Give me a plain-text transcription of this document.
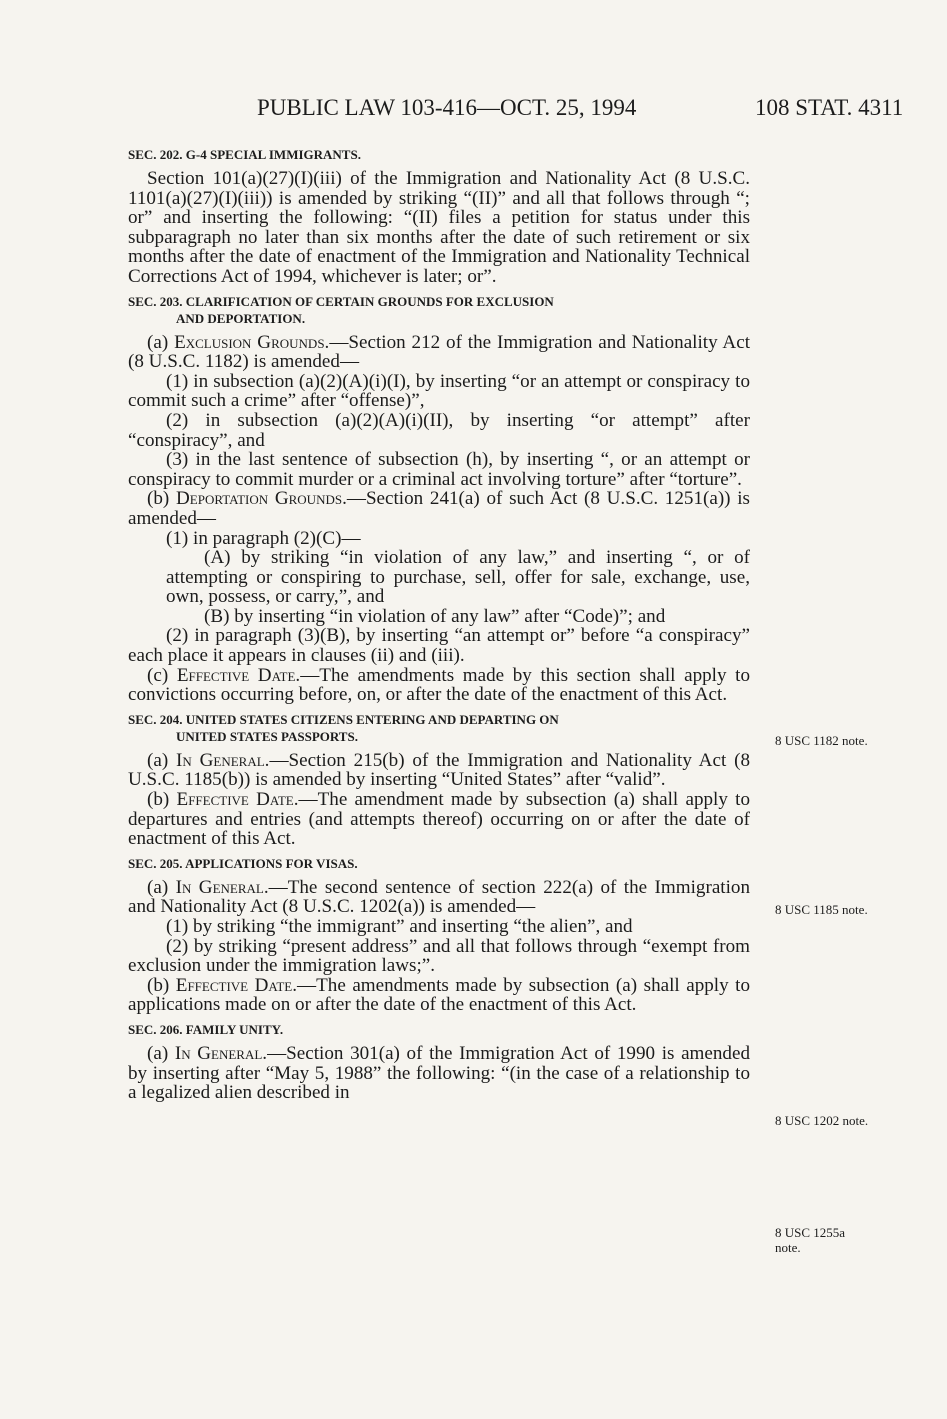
PUBLIC LAW 103-416—OCT. 25, 1994	108 STAT. 4311
SEC. 202. G-4 SPECIAL IMMIGRANTS.

Section 101(a)(27)(I)(iii) of the Immigration and Nationality Act (8 U.S.C. 1101(a)(27)(I)(iii)) is amended by striking “(II)” and all that follows through “; or” and inserting the following: “(II) files a petition for status under this subparagraph no later than six months after the date of such retirement or six months after the date of enactment of the Immigration and Nationality Technical Corrections Act of 1994, whichever is later; or”.

SEC. 203. CLARIFICATION OF CERTAIN GROUNDS FOR EXCLUSION
AND DEPORTATION.

(a) Exclusion Grounds.—Section 212 of the Immigration and Nationality Act (8 U.S.C. 1182) is amended—

(1) in subsection (a)(2)(A)(i)(I), by inserting “or an attempt or conspiracy to commit such a crime” after “offense)”,

(2) in subsection (a)(2)(A)(i)(II), by inserting “or attempt” after “conspiracy”, and

(3) in the last sentence of subsection (h), by inserting “, or an attempt or conspiracy to commit murder or a criminal act involving torture” after “torture”.

(b) Deportation Grounds.—Section 241(a) of such Act (8 U.S.C. 1251(a)) is amended—

(1) in paragraph (2)(C)—

(A) by striking “in violation of any law,” and inserting “, or of attempting or conspiring to purchase, sell, offer for sale, exchange, use, own, possess, or carry,”, and

(B) by inserting “in violation of any law” after “Code)”; and

(2) in paragraph (3)(B), by inserting “an attempt or” before “a conspiracy” each place it appears in clauses (ii) and (iii).

(c) Effective Date.—The amendments made by this section shall apply to convictions occurring before, on, or after the date of the enactment of this Act.

SEC. 204. UNITED STATES CITIZENS ENTERING AND DEPARTING ON
UNITED STATES PASSPORTS.

(a) In General.—Section 215(b) of the Immigration and Nationality Act (8 U.S.C. 1185(b)) is amended by inserting “United States” after “valid”.

(b) Effective Date.—The amendment made by subsection (a) shall apply to departures and entries (and attempts thereof) occurring on or after the date of enactment of this Act.

SEC. 205. APPLICATIONS FOR VISAS.

(a) In General.—The second sentence of section 222(a) of the Immigration and Nationality Act (8 U.S.C. 1202(a)) is amended—

(1) by striking “the immigrant” and inserting “the alien”, and

(2) by striking “present address” and all that follows through “exempt from exclusion under the immigration laws;”.

(b) Effective Date.—The amendments made by subsection (a) shall apply to applications made on or after the date of the enactment of this Act.

SEC. 206. FAMILY UNITY.

(a) In General.—Section 301(a) of the Immigration Act of 1990 is amended by inserting after “May 5, 1988” the following: “(in the case of a relationship to a legalized alien described in

8 USC 1182 note.
8 USC 1185 note.
8 USC 1202 note.
8 USC 1255a
note.
